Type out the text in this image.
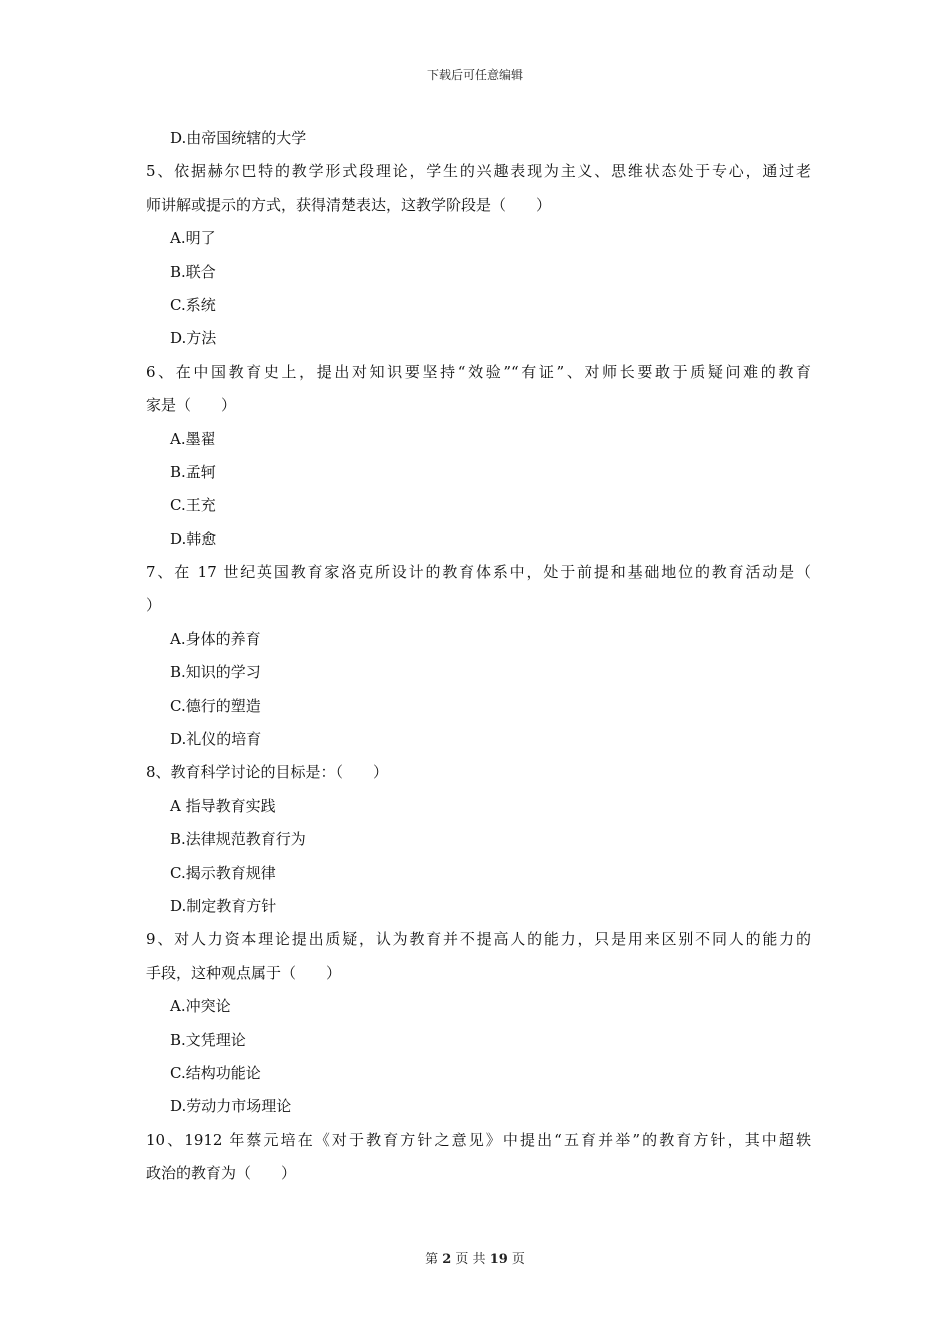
下载后可任意编辑
D.由帝国统辖的大学
5、依据赫尔巴特的教学形式段理论，学生的兴趣表现为主义、思维状态处于专心，通过老
师讲解或提示的方式，获得清楚表达，这教学阶段是（　　）
A.明了
B.联合
C.系统
D.方法
6、在中国教育史上，提出对知识要坚持“效验”“有证”、对师长要敢于质疑问难的教育
家是（　　）
A.墨翟
B.孟轲
C.王充
D.韩愈
7、在 17 世纪英国教育家洛克所设计的教育体系中，处于前提和基础地位的教育活动是（
）
A.身体的养育
B.知识的学习
C.德行的塑造
D.礼仪的培育
8、教育科学讨论的目标是：（　　）
A 指导教育实践
B.法律规范教育行为
C.揭示教育规律
D.制定教育方针
9、对人力资本理论提出质疑，认为教育并不提高人的能力，只是用来区别不同人的能力的
手段，这种观点属于（　　）
A.冲突论
B.文凭理论
C.结构功能论
D.劳动力市场理论
10、1912 年蔡元培在《对于教育方针之意见》中提出“五育并举”的教育方针，其中超轶
政治的教育为（　　）
第 2 页 共 19 页
